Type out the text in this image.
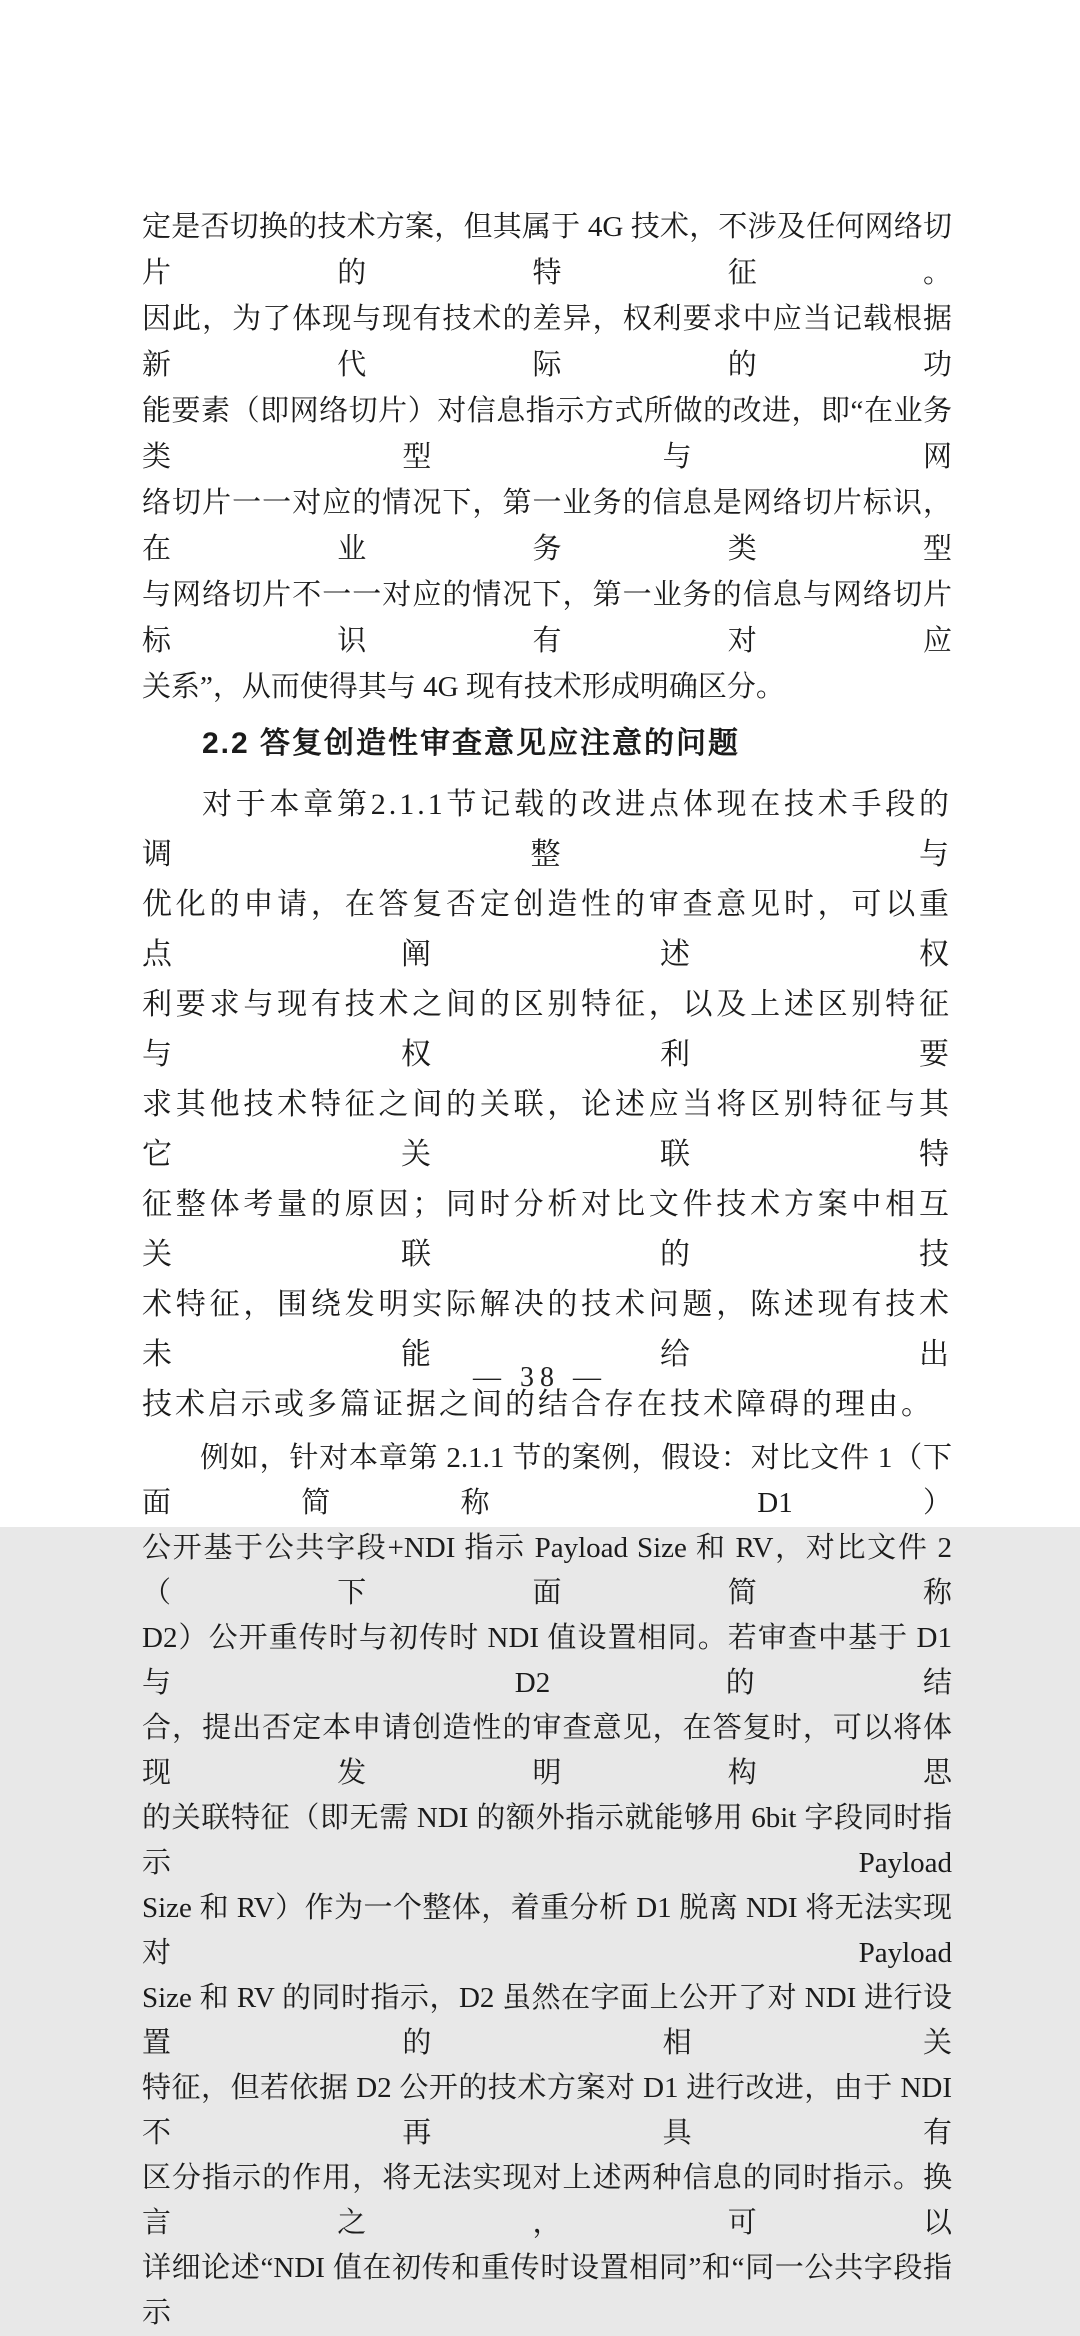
定是否切换的技术方案，但其属于 4G 技术，不涉及任何网络切片的特征。
因此，为了体现与现有技术的差异，权利要求中应当记载根据新代际的功
能要素（即网络切片）对信息指示方式所做的改进，即“在业务类型与网
络切片一一对应的情况下，第一业务的信息是网络切片标识，在业务类型
与网络切片不一一对应的情况下，第一业务的信息与网络切片标识有对应
关系”，从而使得其与 4G 现有技术形成明确区分。
2.2 答复创造性审查意见应注意的问题
对于本章第2.1.1节记载的改进点体现在技术手段的调整与
优化的申请，在答复否定创造性的审查意见时，可以重点阐述权
利要求与现有技术之间的区别特征，以及上述区别特征与权利要
求其他技术特征之间的关联，论述应当将区别特征与其它关联特
征整体考量的原因；同时分析对比文件技术方案中相互关联的技
术特征，围绕发明实际解决的技术问题，陈述现有技术未能给出
技术启示或多篇证据之间的结合存在技术障碍的理由。
例如，针对本章第 2.1.1 节的案例，假设：对比文件 1（下面简称 D1）
公开基于公共字段+NDI 指示 Payload Size 和 RV，对比文件 2（下面简称
D2）公开重传时与初传时 NDI 值设置相同。若审查中基于 D1 与 D2 的结
合，提出否定本申请创造性的审查意见，在答复时，可以将体现发明构思
的关联特征（即无需 NDI 的额外指示就能够用 6bit 字段同时指示 Payload
Size 和 RV）作为一个整体，着重分析 D1 脱离 NDI 将无法实现对 Payload
Size 和 RV 的同时指示，D2 虽然在字面上公开了对 NDI 进行设置的相关
特征，但若依据 D2 公开的技术方案对 D1 进行改进，由于 NDI 不再具有
区分指示的作用，将无法实现对上述两种信息的同时指示。换言之，可以
详细论述“NDI 值在初传和重传时设置相同”和“同一公共字段指示
— 38 —
